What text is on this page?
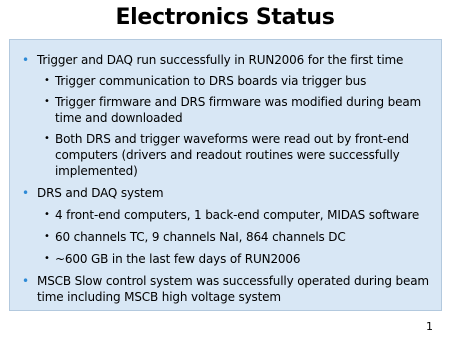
Electronics Status
• Trigger and DAQ run successfully in RUN2006 for the first time

• Trigger communication to DRS boards via trigger bus

• Trigger firmware and DRS firmware was modified during beam

time and downloaded

• Both DRS and trigger waveforms were read out by front-end

computers (drivers and readout routines were successfully

implemented)

• DRS and DAQ system

• 4 front-end computers, 1 back-end computer, MIDAS software

• 60 channels TC, 9 channels NaI, 864 channels DC

• ~600 GB in the last few days of RUN2006

• MSCB Slow control system was successfully operated during beam

time including MSCB high voltage system

1
